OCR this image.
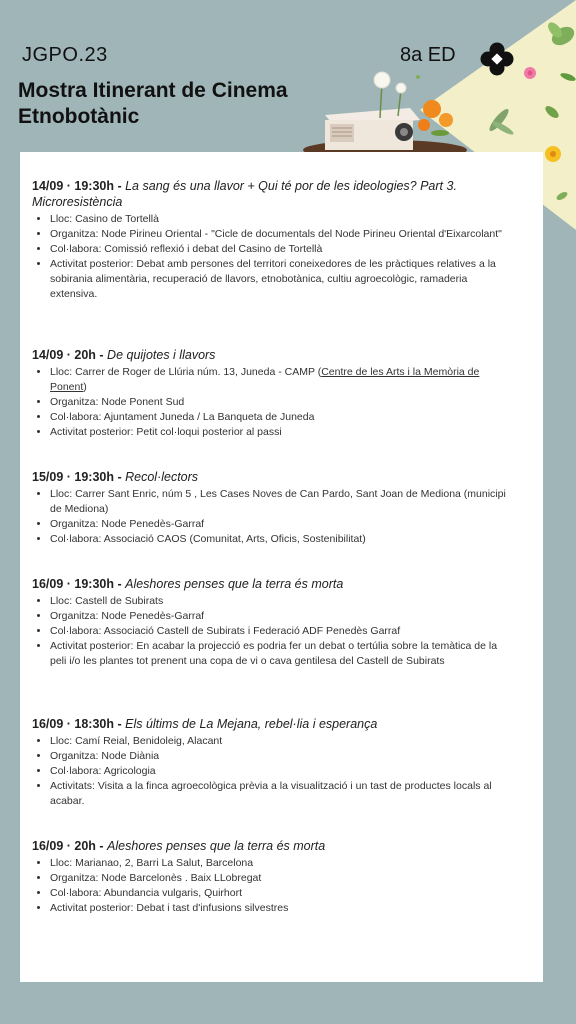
JGPO.23	8a ED
Mostra Itinerant de Cinema Etnobotànic
14/09 · 19:30h - La sang és una llavor + Qui té por de les ideologies? Part 3. Microresistència
• Lloc: Casino de Tortellà
• Organitza: Node Pirineu Oriental - "Cicle de documentals del Node Pirineu Oriental d'Eixarcolant"
• Col·labora: Comissió reflexió i debat del Casino de Tortellà
• Activitat posterior: Debat amb persones del territori coneixedores de les pràctiques relatives a la sobirania alimentària, recuperació de llavors, etnobotànica, cultiu agroecològic, ramaderia extensiva.
14/09 · 20h - De quijotes i llavors
• Lloc: Carrer de Roger de Llúria núm. 13, Juneda - CAMP (Centre de les Arts i la Memòria de Ponent)
• Organitza: Node Ponent Sud
• Col·labora: Ajuntament Juneda / La Banqueta de Juneda
• Activitat posterior: Petit col·loqui posterior al passi
15/09 · 19:30h - Recol·lectors
• Lloc: Carrer Sant Enric, núm 5 , Les Cases Noves de Can Pardo, Sant Joan de Mediona (municipi de Mediona)
• Organitza: Node Penedès-Garraf
• Col·labora: Associació CAOS (Comunitat, Arts, Oficis, Sostenibilitat)
16/09 · 19:30h - Aleshores penses que la terra és morta
• Lloc: Castell de Subirats
• Organitza: Node Penedès-Garraf
• Col·labora: Associació Castell de Subirats i Federació ADF Penedès Garraf
• Activitat posterior: En acabar la projecció es podria fer un debat o tertúlia sobre la temàtica de la peli i/o les plantes tot prenent una copa de vi o cava gentilesa del Castell de Subirats
16/09 · 18:30h - Els últims de La Mejana, rebel·lia i esperança
• Lloc: Camí Reial, Benidoleig, Alacant
• Organitza: Node Diània
• Col·labora: Agricologia
• Activitats: Visita a la finca agroecològica prèvia a la visualització i un tast de productes locals al acabar.
16/09 · 20h - Aleshores penses que la terra és morta
• Lloc: Marianao, 2, Barri La Salut, Barcelona
• Organitza: Node Barcelonès . Baix LLobregat
• Col·labora: Abundancia vulgaris, Quirhort
• Activitat posterior: Debat i tast d'infusions silvestres
